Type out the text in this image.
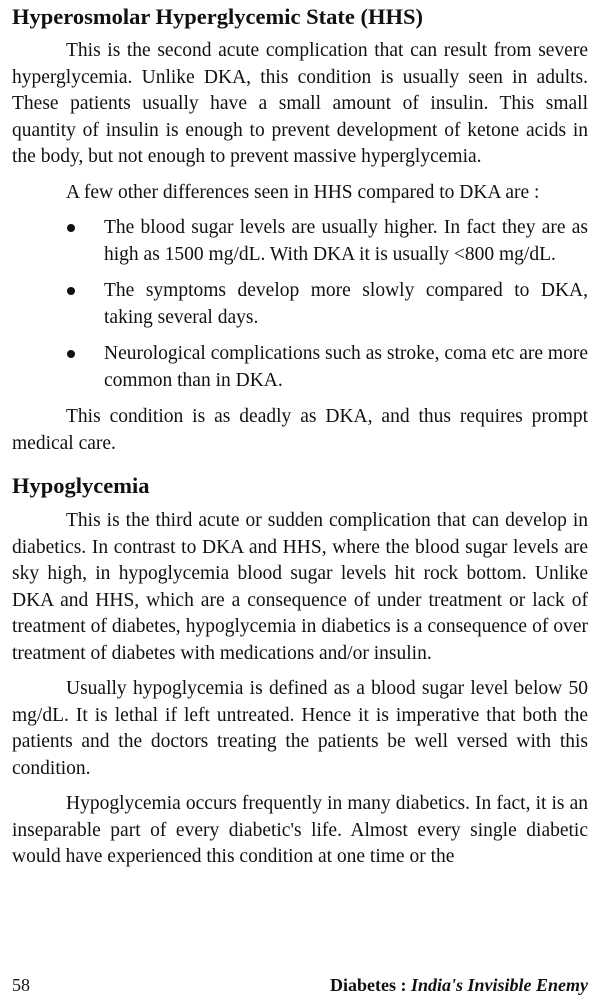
Hyperosmolar Hyperglycemic State (HHS)

This is the second acute complication that can result from severe hyperglycemia. Unlike DKA, this condition is usually seen in adults. These patients usually have a small amount of insulin. This small quantity of insulin is enough to prevent development of ketone acids in the body, but not enough to prevent massive hyperglycemia.

A few other differences seen in HHS compared to DKA are :

The blood sugar levels are usually higher. In fact they are as high as 1500 mg/dL. With DKA it is usually <800 mg/dL.
The symptoms develop more slowly compared to DKA, taking several days.
Neurological complications such as stroke, coma etc are more common than in DKA.

This condition is as deadly as DKA, and thus requires prompt medical care.

Hypoglycemia

This is the third acute or sudden complication that can develop in diabetics. In contrast to DKA and HHS, where the blood sugar levels are sky high, in hypoglycemia blood sugar levels hit rock bottom. Unlike DKA and HHS, which are a consequence of under treatment or lack of treatment of diabetes, hypoglycemia in diabetics is a consequence of over treatment of diabetes with medications and/or insulin.

Usually hypoglycemia is defined as a blood sugar level below 50 mg/dL. It is lethal if left untreated. Hence it is imperative that both the patients and the doctors treating the patients be well versed with this condition.

Hypoglycemia occurs frequently in many diabetics. In fact, it is an inseparable part of every diabetic's life. Almost every single diabetic would have experienced this condition at one time or the

58	Diabetes : India's Invisible Enemy
